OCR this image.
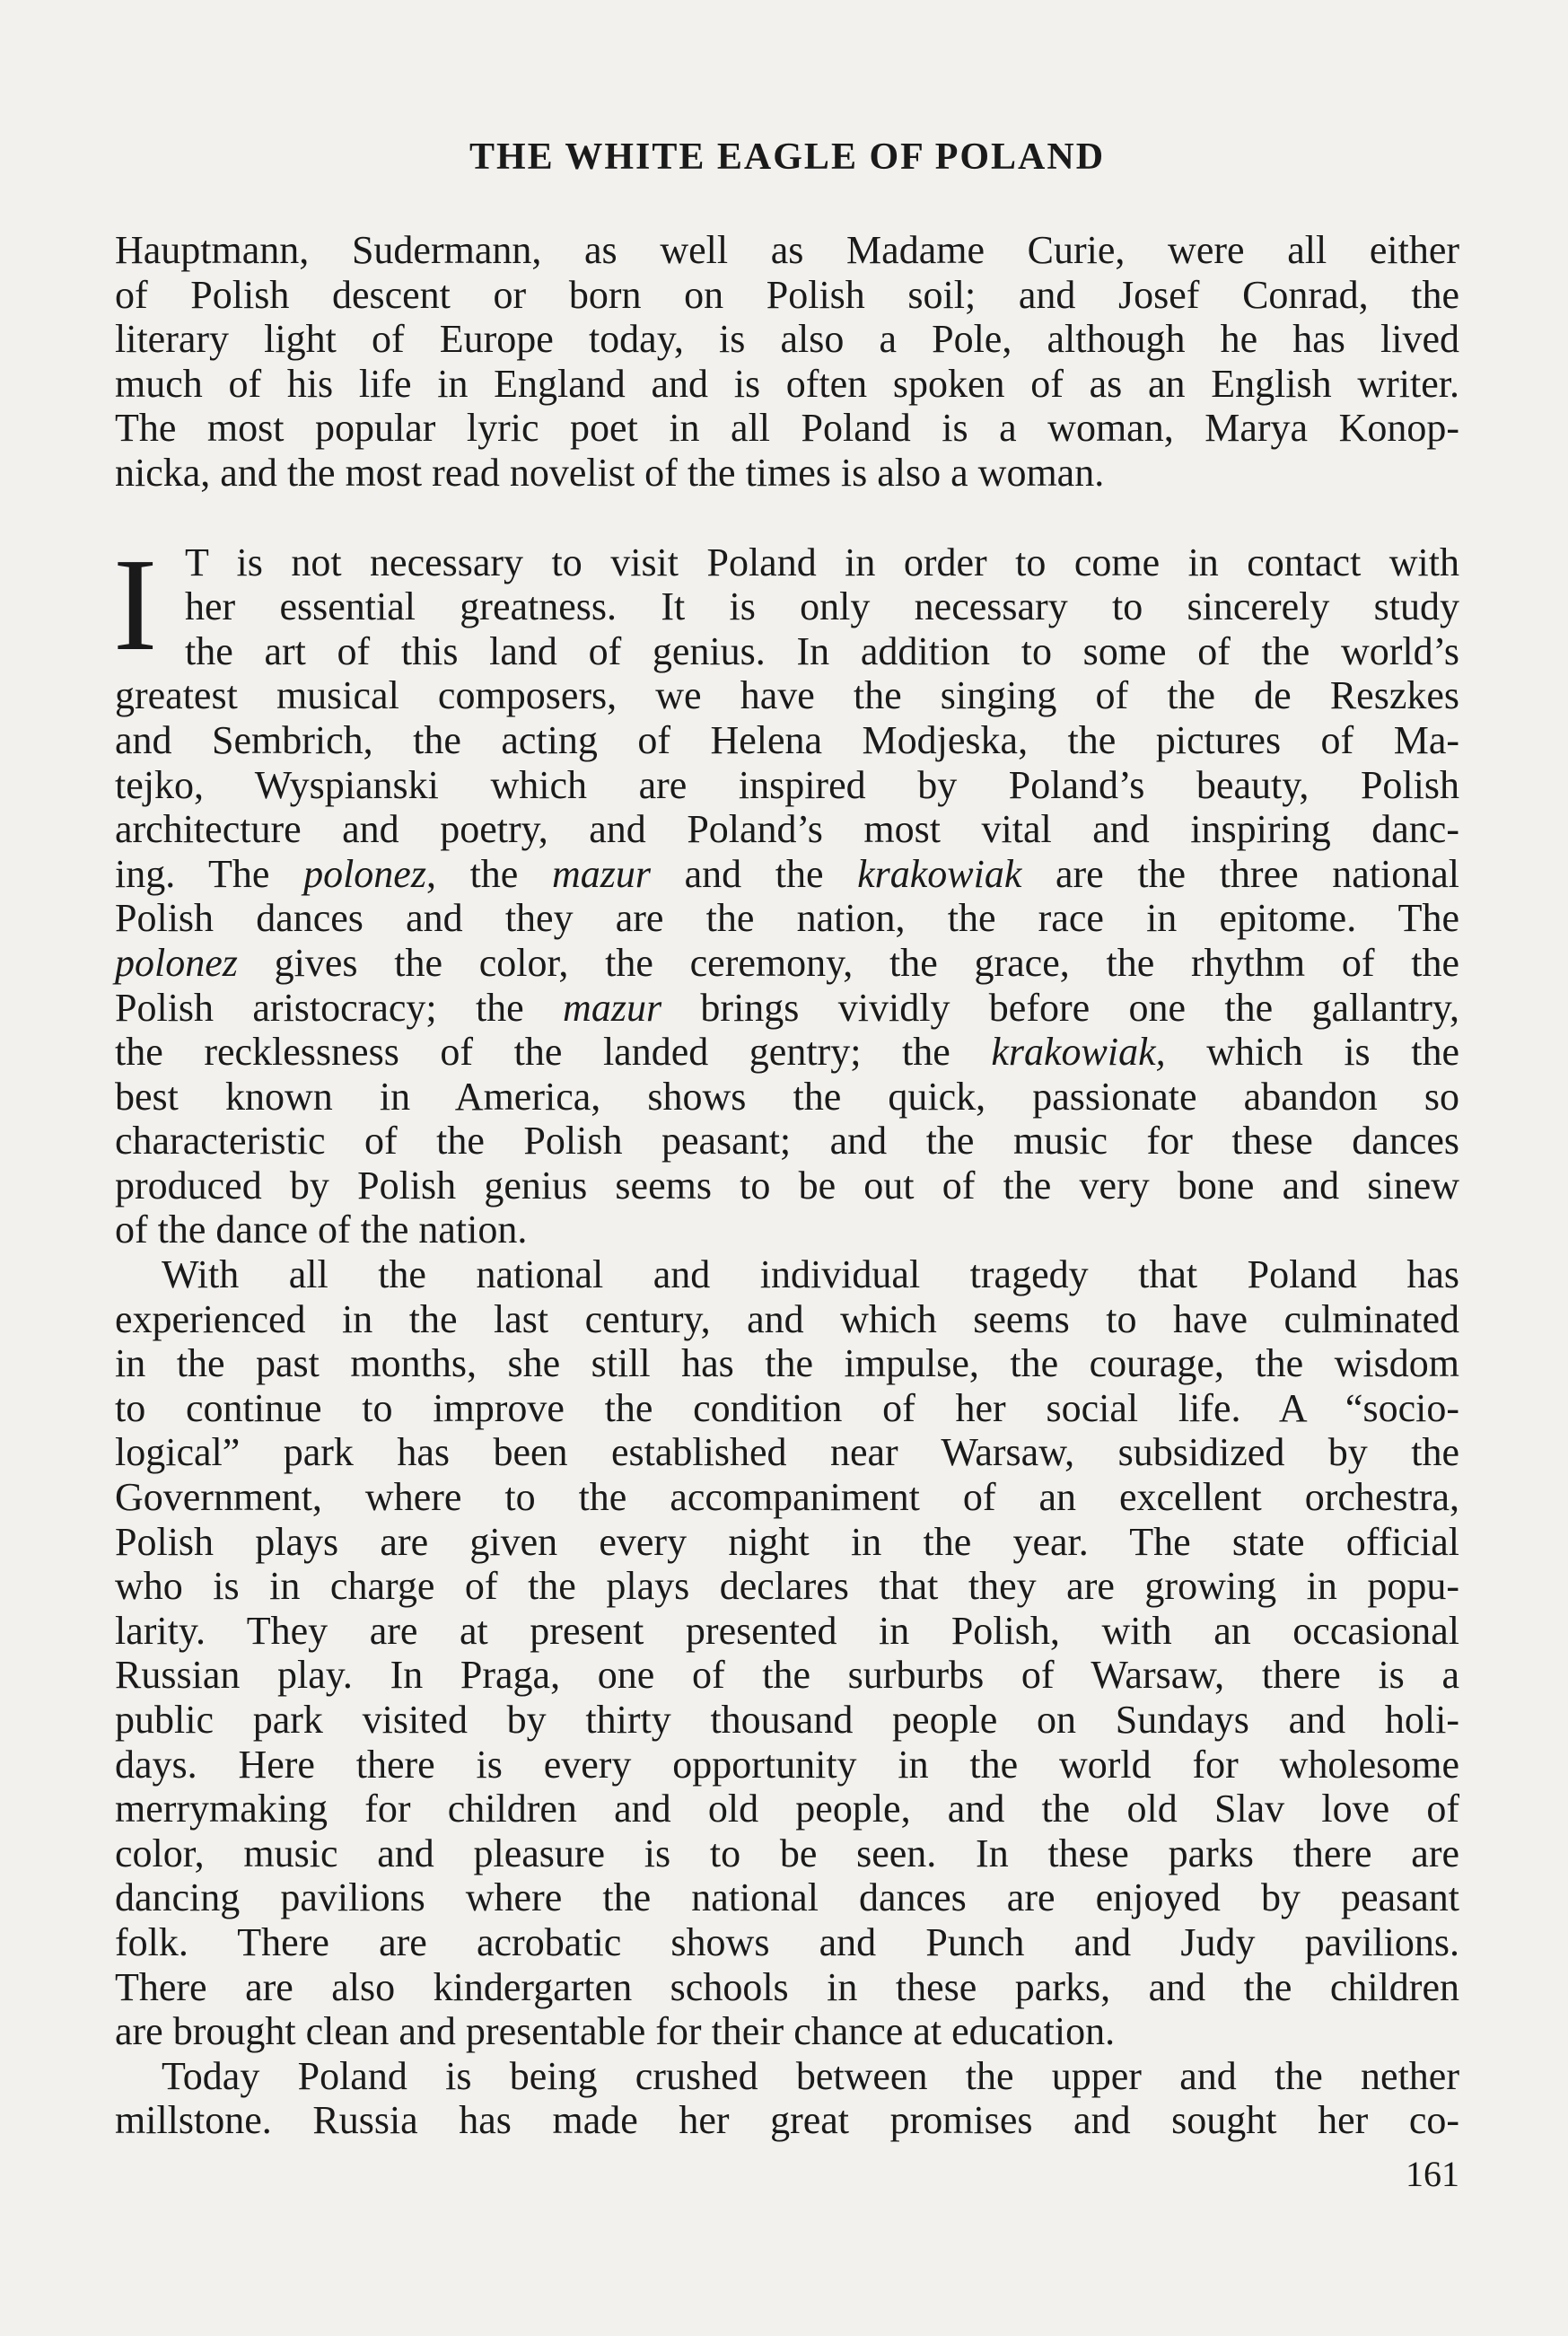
THE WHITE EAGLE OF POLAND
Hauptmann, Sudermann, as well as Madame Curie, were all either
of Polish descent or born on Polish soil; and Josef Conrad, the
literary light of Europe today, is also a Pole, although he has lived
much of his life in England and is often spoken of as an English writer.
The most popular lyric poet in all Poland is a woman, Marya Konop-
nicka, and the most read novelist of the times is also a woman.
I T is not necessary to visit Poland in order to come in contact with
her essential greatness. It is only necessary to sincerely study
the art of this land of genius. In addition to some of the world’s
greatest musical composers, we have the singing of the de Reszkes
and Sembrich, the acting of Helena Modjeska, the pictures of Ma-
tejko, Wyspianski which are inspired by Poland’s beauty, Polish
architecture and poetry, and Poland’s most vital and inspiring danc-
ing. The polonez, the mazur and the krakowiak are the three national
Polish dances and they are the nation, the race in epitome. The
polonez gives the color, the ceremony, the grace, the rhythm of the
Polish aristocracy; the mazur brings vividly before one the gallantry,
the recklessness of the landed gentry; the krakowiak, which is the
best known in America, shows the quick, passionate abandon so
characteristic of the Polish peasant; and the music for these dances
produced by Polish genius seems to be out of the very bone and sinew
of the dance of the nation.
With all the national and individual tragedy that Poland has
experienced in the last century, and which seems to have culminated
in the past months, she still has the impulse, the courage, the wisdom
to continue to improve the condition of her social life. A “socio-
logical” park has been established near Warsaw, subsidized by the
Government, where to the accompaniment of an excellent orchestra,
Polish plays are given every night in the year. The state official
who is in charge of the plays declares that they are growing in popu-
larity. They are at present presented in Polish, with an occasional
Russian play. In Praga, one of the surburbs of Warsaw, there is a
public park visited by thirty thousand people on Sundays and holi-
days. Here there is every opportunity in the world for wholesome
merrymaking for children and old people, and the old Slav love of
color, music and pleasure is to be seen. In these parks there are
dancing pavilions where the national dances are enjoyed by peasant
folk. There are acrobatic shows and Punch and Judy pavilions.
There are also kindergarten schools in these parks, and the children
are brought clean and presentable for their chance at education.
Today Poland is being crushed between the upper and the nether
millstone. Russia has made her great promises and sought her co-
161
